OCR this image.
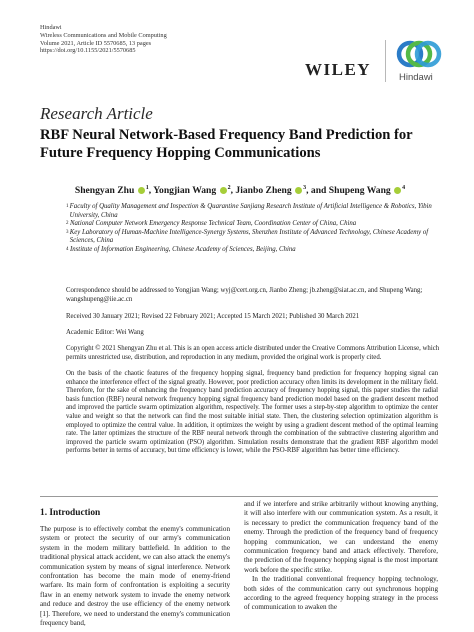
Hindawi
Wireless Communications and Mobile Computing
Volume 2021, Article ID 5570685, 13 pages
https://doi.org/10.1155/2021/5570685
WILEY	Hindawi
Research Article
RBF Neural Network-Based Frequency Band Prediction for Future Frequency Hopping Communications
Shengyan Zhu $^1$, Yongjian Wang $^2$, Jianbo Zheng $^3$, and Shupeng Wang $^4$
1 Faculty of Quality Management and Inspection & Quarantine Sanjiang Research Institute of Artificial Intelligence & Robotics, Yibin University, China
2 National Computer Network Emergency Response Technical Team, Coordination Center of China, China
3 Key Laboratory of Human-Machine Intelligence-Synergy Systems, Shenzhen Institute of Advanced Technology, Chinese Academy of Sciences, China
4 Institute of Information Engineering, Chinese Academy of Sciences, Beijing, China
Correspondence should be addressed to Yongjian Wang; wyj@cert.org.cn, Jianbo Zheng; jb.zheng@siat.ac.cn, and Shupeng Wang; wangshupeng@iie.ac.cn
Received 30 January 2021; Revised 22 February 2021; Accepted 15 March 2021; Published 30 March 2021
Academic Editor: Wei Wang
Copyright © 2021 Shengyan Zhu et al. This is an open access article distributed under the Creative Commons Attribution License, which permits unrestricted use, distribution, and reproduction in any medium, provided the original work is properly cited.
On the basis of the chaotic features of the frequency hopping signal, frequency band prediction for frequency hopping signal can enhance the interference effect of the signal greatly. However, poor prediction accuracy often limits its development in the military field. Therefore, for the sake of enhancing the frequency band prediction accuracy of frequency hopping signal, this paper studies the radial basis function (RBF) neural network frequency hopping signal frequency band prediction model based on the gradient descent method and improved the particle swarm optimization algorithm, respectively. The former uses a step-by-step algorithm to optimize the center value and weight so that the network can find the most suitable initial state. Then, the clustering selection optimization algorithm is employed to optimize the central value. In addition, it optimizes the weight by using a gradient descent method of the optimal learning rate. The latter optimizes the structure of the RBF neural network through the combination of the subtractive clustering algorithm and improved the particle swarm optimization (PSO) algorithm. Simulation results demonstrate that the gradient RBF algorithm model performs better in terms of accuracy, but time efficiency is lower, while the PSO-RBF algorithm has better time efficiency.
1. Introduction

The purpose is to effectively combat the enemy's communication system or protect the security of our army's communication system in the modern military battlefield. In addition to the traditional physical attack accident, we can also attack the enemy's communication system by means of signal interference. Network confrontation has become the main mode of enemy-friend warfare. Its main form of confrontation is exploiting a security flaw in an enemy network system to invade the enemy network and reduce and destroy the use efficiency of the enemy network [1]. Therefore, we need to understand the enemy's communication frequency band,

and if we interfere and strike arbitrarily without knowing anything, it will also interfere with our communication system. As a result, it is necessary to predict the communication frequency band of the enemy. Through the prediction of the frequency band of frequency hopping communication, we can understand the enemy communication frequency band and attack effectively. Therefore, the prediction of the frequency hopping signal is the most important work before the specific strike.

In the traditional conventional frequency hopping technology, both sides of the communication carry out synchronous hopping according to the agreed frequency hopping strategy in the process of communication to awaken the
